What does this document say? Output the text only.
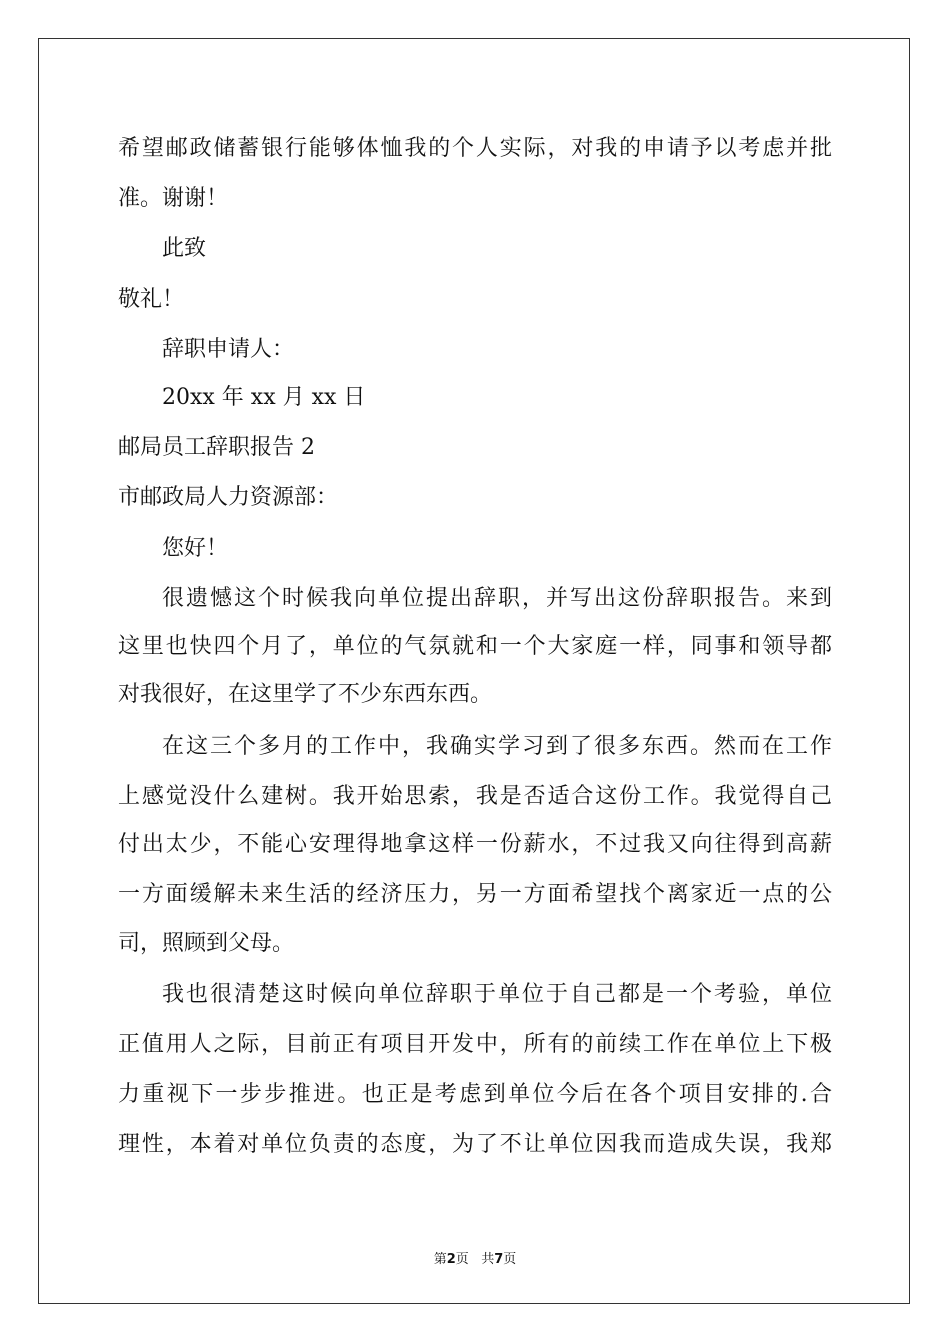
希望邮政储蓄银行能够体恤我的个人实际，对我的申请予以考虑并批

准。谢谢！

此致

敬礼！

辞职申请人：

20xx 年 xx 月 xx 日

邮局员工辞职报告 2

市邮政局人力资源部：

您好！

很遗憾这个时候我向单位提出辞职，并写出这份辞职报告。来到

这里也快四个月了，单位的气氛就和一个大家庭一样，同事和领导都

对我很好，在这里学了不少东西东西。

在这三个多月的工作中，我确实学习到了很多东西。然而在工作

上感觉没什么建树。我开始思索，我是否适合这份工作。我觉得自己

付出太少，不能心安理得地拿这样一份薪水，不过我又向往得到高薪

一方面缓解未来生活的经济压力，另一方面希望找个离家近一点的公

司，照顾到父母。

我也很清楚这时候向单位辞职于单位于自己都是一个考验，单位

正值用人之际，目前正有项目开发中，所有的前续工作在单位上下极

力重视下一步步推进。也正是考虑到单位今后在各个项目安排的.合

理性，本着对单位负责的态度，为了不让单位因我而造成失误，我郑

第2页 共7页
